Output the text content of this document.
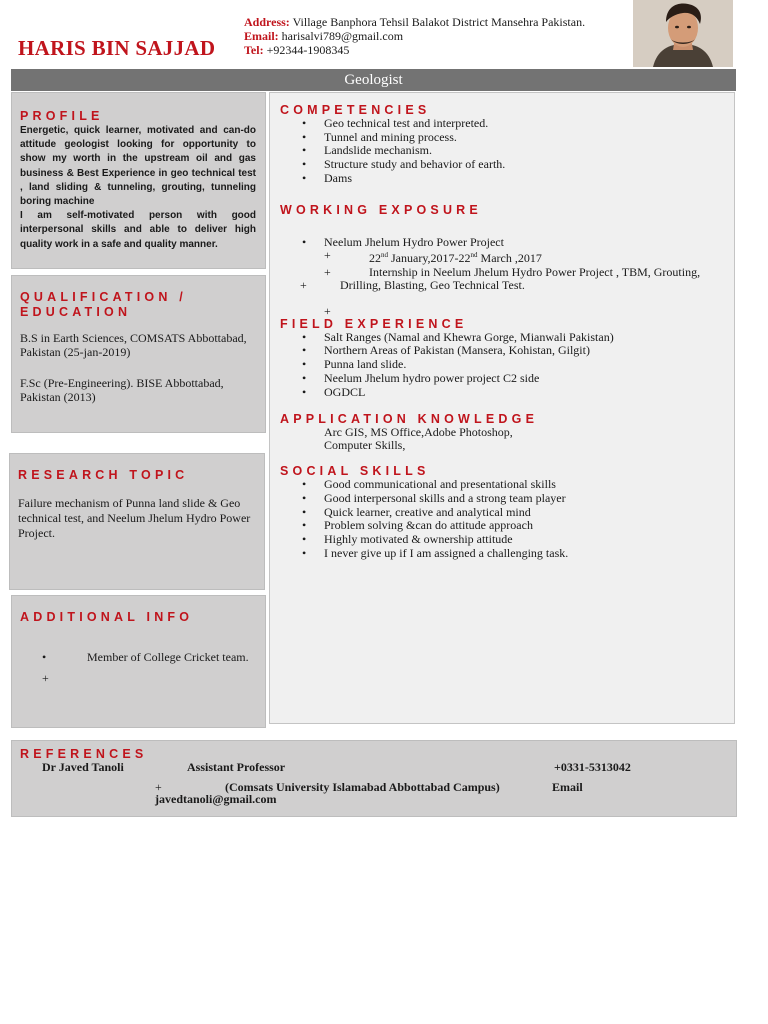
HARIS BIN SAJJAD
Address: Village Banphora Tehsil Balakot District Mansehra Pakistan.
Email: harisalvi789@gmail.com
Tel: +92344-1908345
Geologist
PROFILE
Energetic, quick learner, motivated and can-do attitude geologist looking for opportunity to show my worth in the upstream oil and gas business & Best Experience in geo technical test , land sliding & tunneling, grouting, tunneling boring machine
I am self-motivated person with good interpersonal skills and able to deliver high quality work in a safe and quality manner.
QUALIFICATION / EDUCATION
B.S in Earth Sciences, COMSATS Abbottabad, Pakistan (25-jan-2019)
F.Sc (Pre-Engineering). BISE Abbottabad, Pakistan (2013)
RESEARCH TOPIC
Failure mechanism of Punna land slide & Geo technical test, and Neelum Jhelum Hydro Power Project.
ADDITIONAL INFO
• Member of College Cricket team.
+
COMPETENCIES
• Geo technical test and interpreted.
• Tunnel and mining process.
• Landslide mechanism.
• Structure study and behavior of earth.
• Dams
WORKING EXPOSURE
• Neelum Jhelum Hydro Power Project
+	22nd January,2017-22nd March ,2017
+	Internship in Neelum Jhelum Hydro Power Project , TBM, Grouting,
+	Drilling, Blasting, Geo Technical Test.
+
FIELD EXPERIENCE
• Salt Ranges (Namal and Khewra Gorge, Mianwali Pakistan)
• Northern Areas of Pakistan (Mansera, Kohistan, Gilgit)
• Punna land slide.
• Neelum Jhelum hydro power project C2 side
• OGDCL
APPLICATION KNOWLEDGE
Arc GIS, MS Office,Adobe Photoshop,
Computer Skills,
SOCIAL SKILLS
• Good communicational and presentational skills
• Good interpersonal skills and a strong team player
• Quick learner, creative and analytical mind
• Problem solving &can do attitude approach
• Highly motivated & ownership attitude
• I never give up if I am assigned a challenging task.
REFERENCES
Dr Javed Tanoli	Assistant Professor	+0331-5313042
+	(Comsats University Islamabad Abbottabad Campus)	Email
javedtanoli@gmail.com
